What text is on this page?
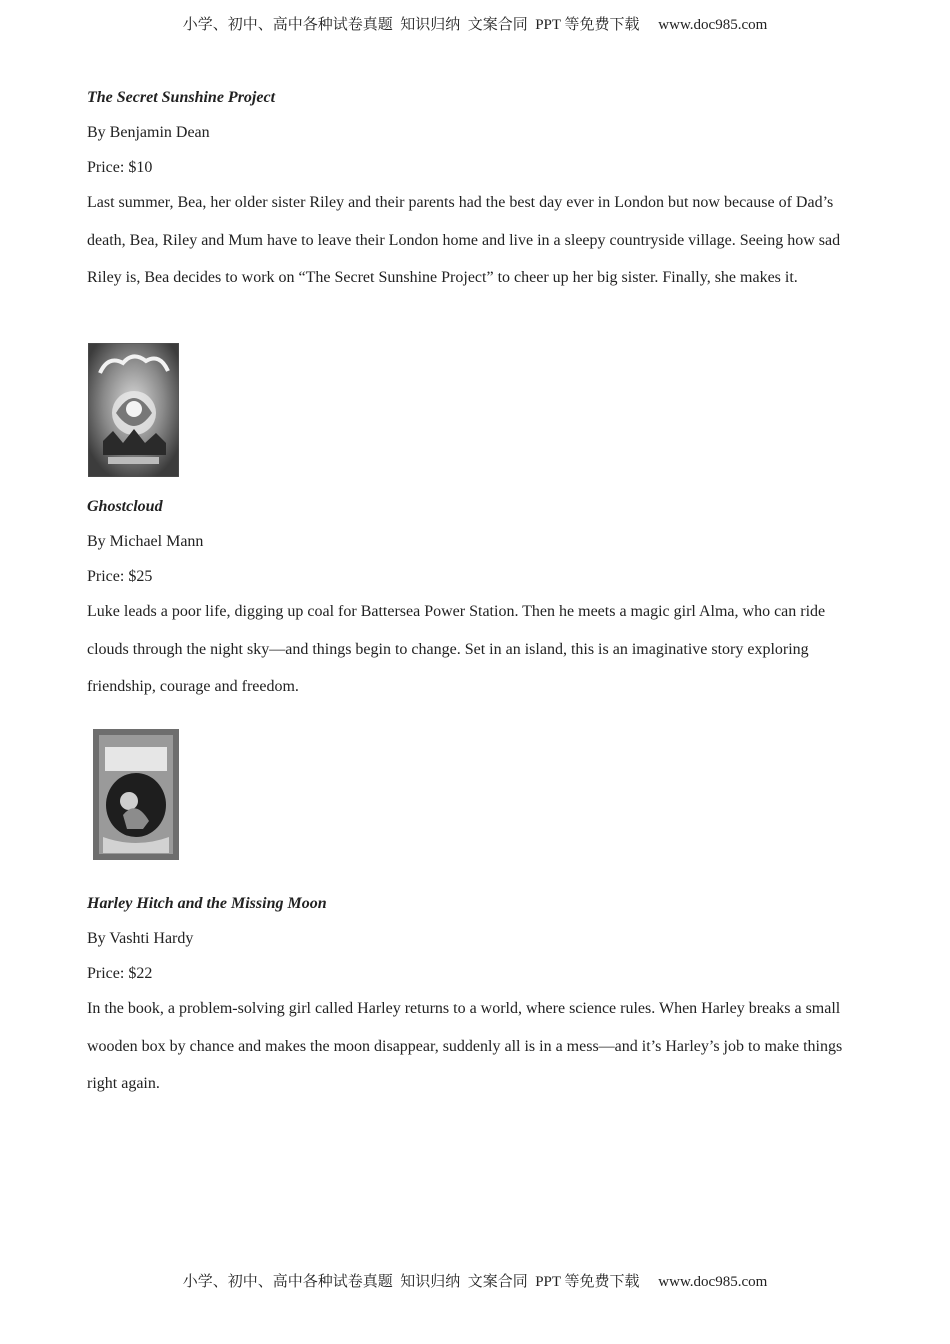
小学、初中、高中各种试卷真题  知识归纳  文案合同  PPT 等免费下载     www.doc985.com
The Secret Sunshine Project
By Benjamin Dean
Price: $10
Last summer, Bea, her older sister Riley and their parents had the best day ever in London but now because of Dad’s death, Bea, Riley and Mum have to leave their London home and live in a sleepy countryside village. Seeing how sad Riley is, Bea decides to work on “The Secret Sunshine Project” to cheer up her big sister. Finally, she makes it.
Ghostcloud
By Michael Mann
Price: $25
Luke leads a poor life, digging up coal for Battersea Power Station. Then he meets a magic girl Alma, who can ride clouds through the night sky—and things begin to change. Set in an island, this is an imaginative story exploring friendship, courage and freedom.
Harley Hitch and the Missing Moon
By Vashti Hardy
Price: $22
In the book, a problem-solving girl called Harley returns to a world, where science rules. When Harley breaks a small wooden box by chance and makes the moon disappear, suddenly all is in a mess—and it’s Harley’s job to make things right again.
小学、初中、高中各种试卷真题  知识归纳  文案合同  PPT 等免费下载     www.doc985.com
